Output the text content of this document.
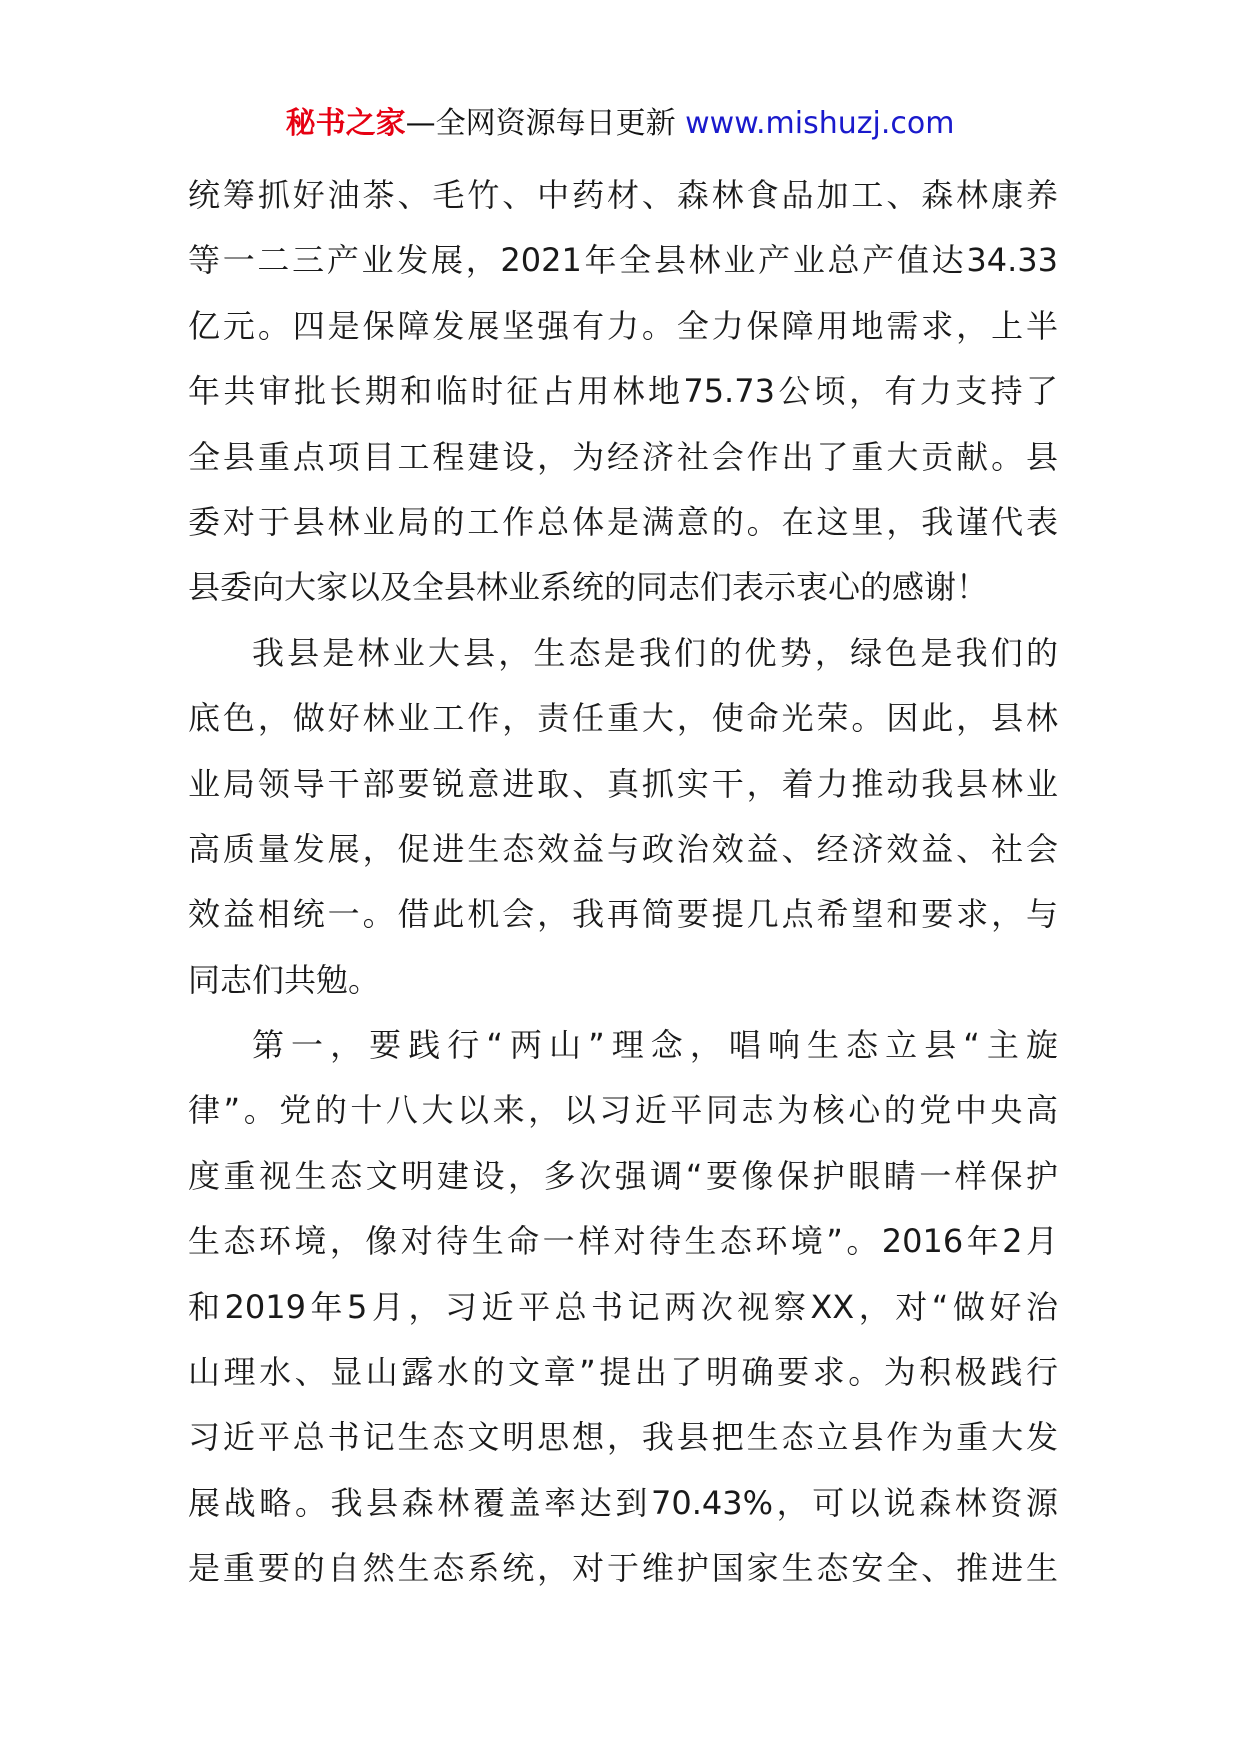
秘书之家—全网资源每日更新 www.mishuzj.com
统筹抓好油茶、毛竹、中药材、森林食品加工、森林康养
等一二三产业发展，2021年全县林业产业总产值达34.33
亿元。四是保障发展坚强有力。全力保障用地需求，上半
年共审批长期和临时征占用林地75.73公顷，有力支持了
全县重点项目工程建设，为经济社会作出了重大贡献。县
委对于县林业局的工作总体是满意的。在这里，我谨代表
县委向大家以及全县林业系统的同志们表示衷心的感谢！
我县是林业大县，生态是我们的优势，绿色是我们的
底色，做好林业工作，责任重大，使命光荣。因此，县林
业局领导干部要锐意进取、真抓实干，着力推动我县林业
高质量发展，促进生态效益与政治效益、经济效益、社会
效益相统一。借此机会，我再简要提几点希望和要求，与
同志们共勉。
第一，要践行“两山”理念，唱响生态立县“主旋
律”。党的十八大以来，以习近平同志为核心的党中央高
度重视生态文明建设，多次强调“要像保护眼睛一样保护
生态环境，像对待生命一样对待生态环境”。2016年2月
和2019年5月，习近平总书记两次视察XX，对“做好治
山理水、显山露水的文章”提出了明确要求。为积极践行
习近平总书记生态文明思想，我县把生态立县作为重大发
展战略。我县森林覆盖率达到70.43%，可以说森林资源
是重要的自然生态系统，对于维护国家生态安全、推进生
